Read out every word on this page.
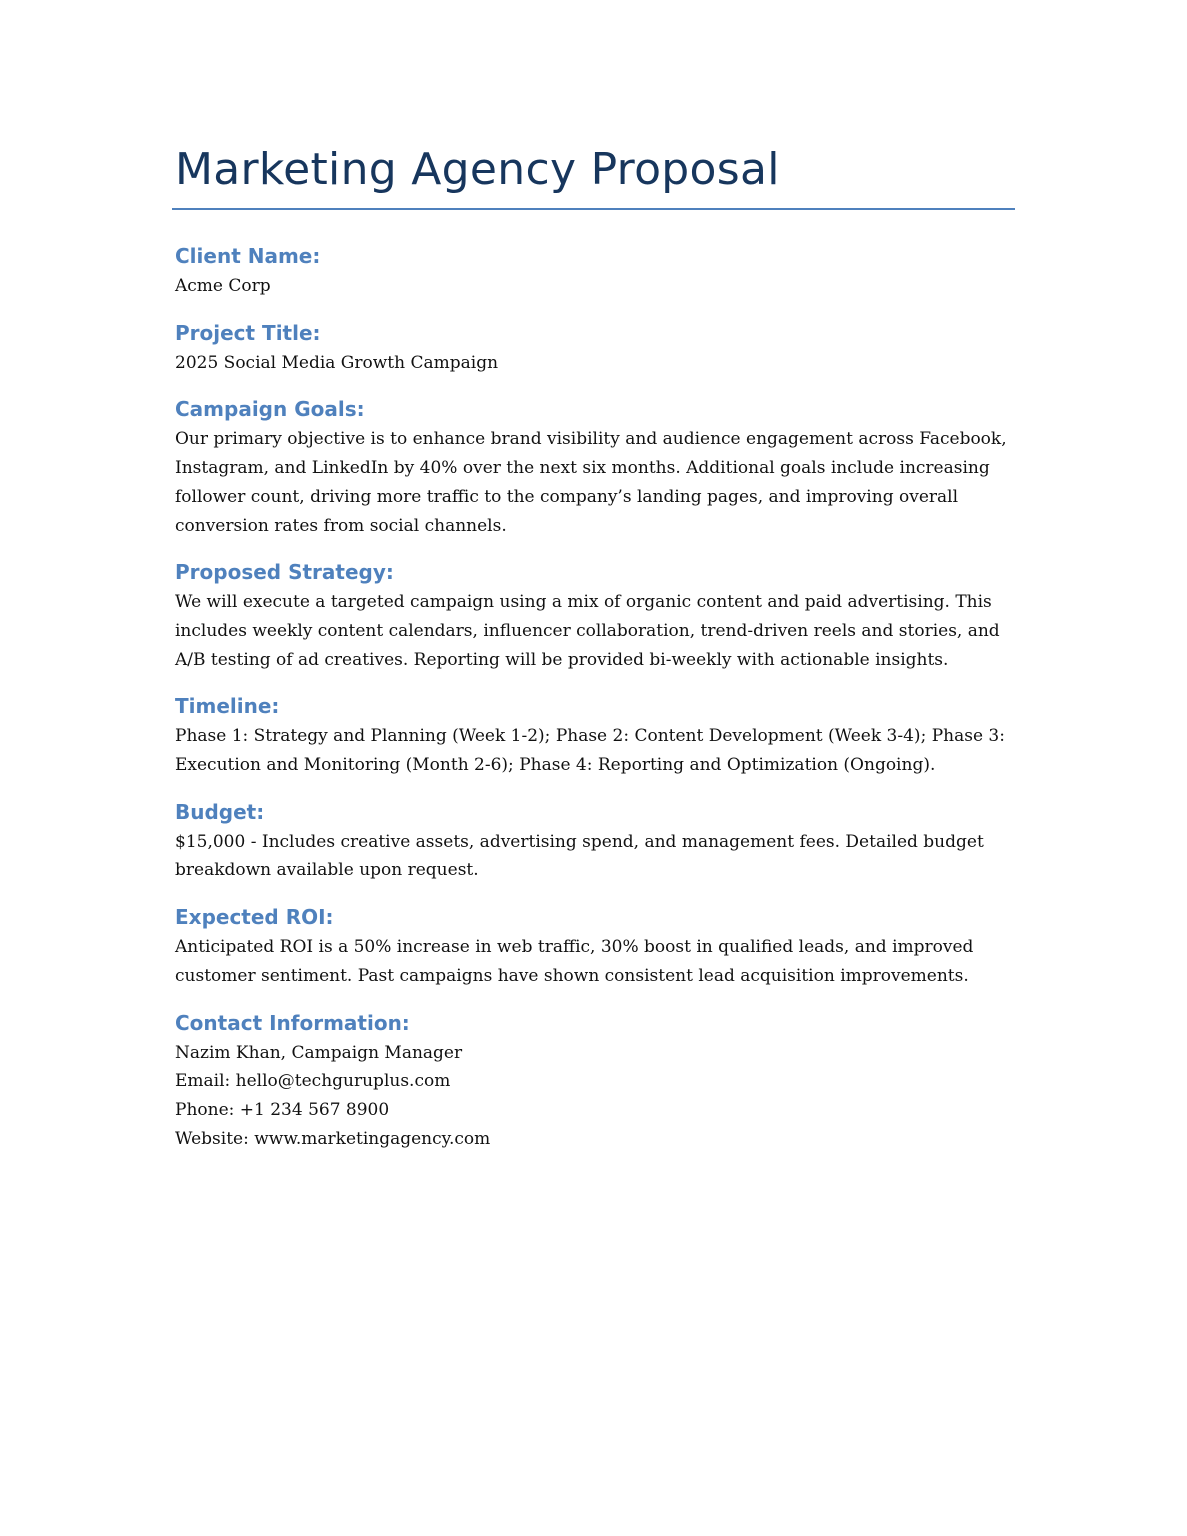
Marketing Agency Proposal
Client Name:
Acme Corp
Project Title:
2025 Social Media Growth Campaign
Campaign Goals:
Our primary objective is to enhance brand visibility and audience engagement across Facebook, Instagram, and LinkedIn by 40% over the next six months. Additional goals include increasing follower count, driving more traffic to the company’s landing pages, and improving overall conversion rates from social channels.
Proposed Strategy:
We will execute a targeted campaign using a mix of organic content and paid advertising. This includes weekly content calendars, influencer collaboration, trend-driven reels and stories, and A/B testing of ad creatives. Reporting will be provided bi-weekly with actionable insights.
Timeline:
Phase 1: Strategy and Planning (Week 1-2); Phase 2: Content Development (Week 3-4); Phase 3: Execution and Monitoring (Month 2-6); Phase 4: Reporting and Optimization (Ongoing).
Budget:
$15,000 - Includes creative assets, advertising spend, and management fees. Detailed budget breakdown available upon request.
Expected ROI:
Anticipated ROI is a 50% increase in web traffic, 30% boost in qualified leads, and improved customer sentiment. Past campaigns have shown consistent lead acquisition improvements.
Contact Information:
Nazim Khan, Campaign Manager
Email: hello@techguruplus.com
Phone: +1 234 567 8900
Website: www.marketingagency.com
